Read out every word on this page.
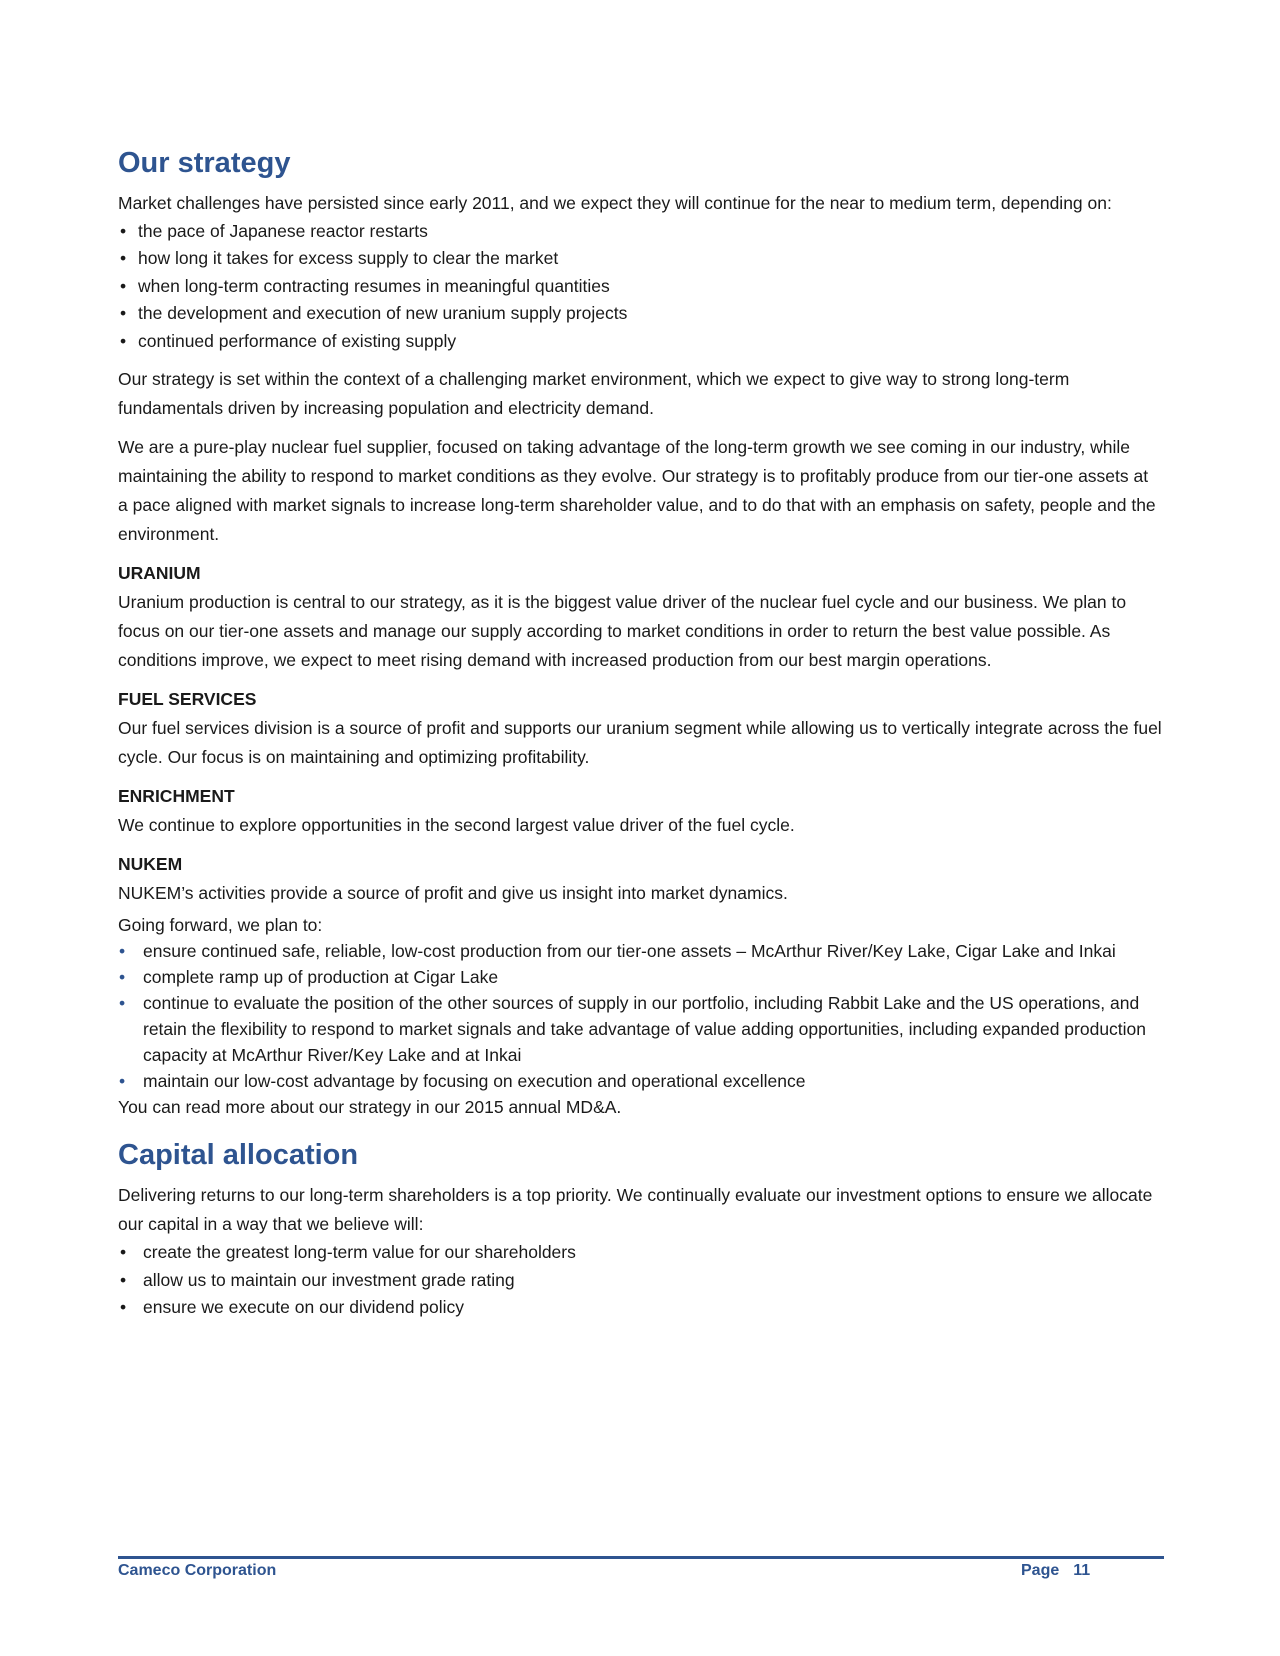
Our strategy

Market challenges have persisted since early 2011, and we expect they will continue for the near to medium term, depending on:

• the pace of Japanese reactor restarts
• how long it takes for excess supply to clear the market
• when long-term contracting resumes in meaningful quantities
• the development and execution of new uranium supply projects
• continued performance of existing supply

Our strategy is set within the context of a challenging market environment, which we expect to give way to strong long-term fundamentals driven by increasing population and electricity demand.

We are a pure-play nuclear fuel supplier, focused on taking advantage of the long-term growth we see coming in our industry, while maintaining the ability to respond to market conditions as they evolve. Our strategy is to profitably produce from our tier-one assets at a pace aligned with market signals to increase long-term shareholder value, and to do that with an emphasis on safety, people and the environment.

URANIUM

Uranium production is central to our strategy, as it is the biggest value driver of the nuclear fuel cycle and our business. We plan to focus on our tier-one assets and manage our supply according to market conditions in order to return the best value possible. As conditions improve, we expect to meet rising demand with increased production from our best margin operations.

FUEL SERVICES

Our fuel services division is a source of profit and supports our uranium segment while allowing us to vertically integrate across the fuel cycle. Our focus is on maintaining and optimizing profitability.

ENRICHMENT

We continue to explore opportunities in the second largest value driver of the fuel cycle.

NUKEM

NUKEM’s activities provide a source of profit and give us insight into market dynamics.

Going forward, we plan to:

• ensure continued safe, reliable, low-cost production from our tier-one assets – McArthur River/Key Lake, Cigar Lake and Inkai
• complete ramp up of production at Cigar Lake
• continue to evaluate the position of the other sources of supply in our portfolio, including Rabbit Lake and the US operations, and retain the flexibility to respond to market signals and take advantage of value adding opportunities, including expanded production capacity at McArthur River/Key Lake and at Inkai
• maintain our low-cost advantage by focusing on execution and operational excellence

You can read more about our strategy in our 2015 annual MD&A.

Capital allocation

Delivering returns to our long-term shareholders is a top priority. We continually evaluate our investment options to ensure we allocate our capital in a way that we believe will:

• create the greatest long-term value for our shareholders
• allow us to maintain our investment grade rating
• ensure we execute on our dividend policy
Cameco Corporation	Page 11
